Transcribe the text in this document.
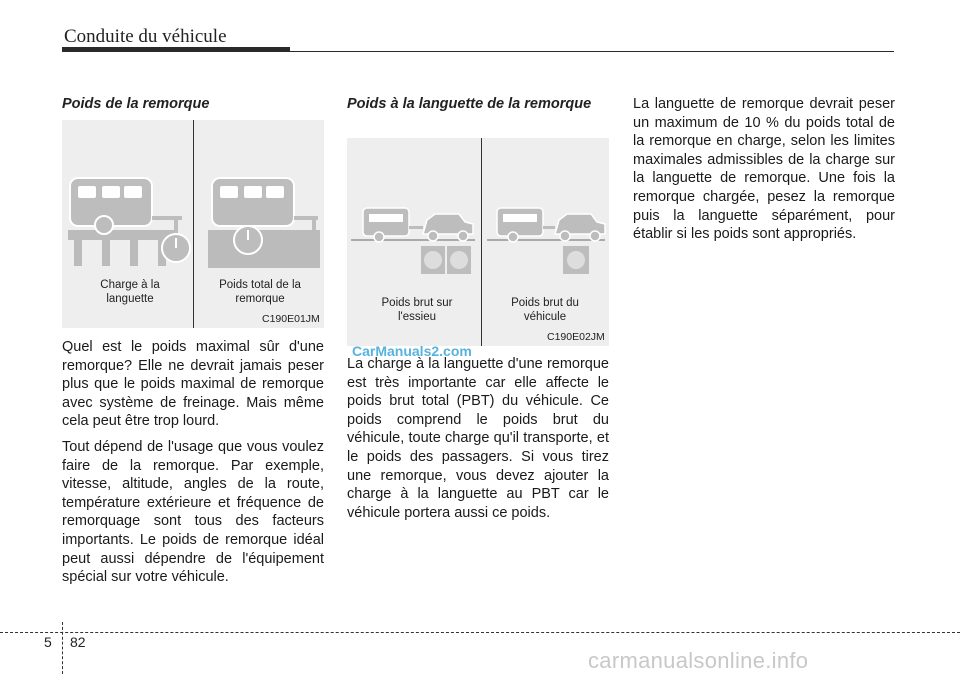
Conduite du véhicule
Poids de la remorque
Charge à la
languette
Poids total de la
remorque
C190E01JM

Quel est le poids maximal sûr d'une remorque? Elle ne devrait jamais peser plus que le poids maximal de remorque avec système de freinage. Mais même cela peut être trop lourd.

Tout dépend de l'usage que vous voulez faire de la remorque. Par exemple, vitesse, altitude, angles de la route, température extérieure et fréquence de remorquage sont tous des facteurs importants. Le poids de remorque idéal peut aussi dépendre de l'équipement spécial sur votre véhicule.

Poids à la languette de la remorque
Poids brut sur
l'essieu
Poids brut du
véhicule
C190E02JM
CarManuals2.com

La charge à la languette d'une remorque est très importante car elle affecte le poids brut total (PBT) du véhicule. Ce poids comprend le poids brut du véhicule, toute charge qu'il transporte, et le poids des passagers. Si vous tirez une remorque, vous devez ajouter la charge à la languette au PBT car le véhicule portera aussi ce poids.

La languette de remorque devrait peser un maximum de 10 % du poids total de la remorque en charge, selon les limites maximales admissibles de la charge sur la languette de remorque. Une fois la remorque chargée, pesez la remorque puis la languette séparément, pour établir si les poids sont appropriés.

5 82
carmanualsonline.info
